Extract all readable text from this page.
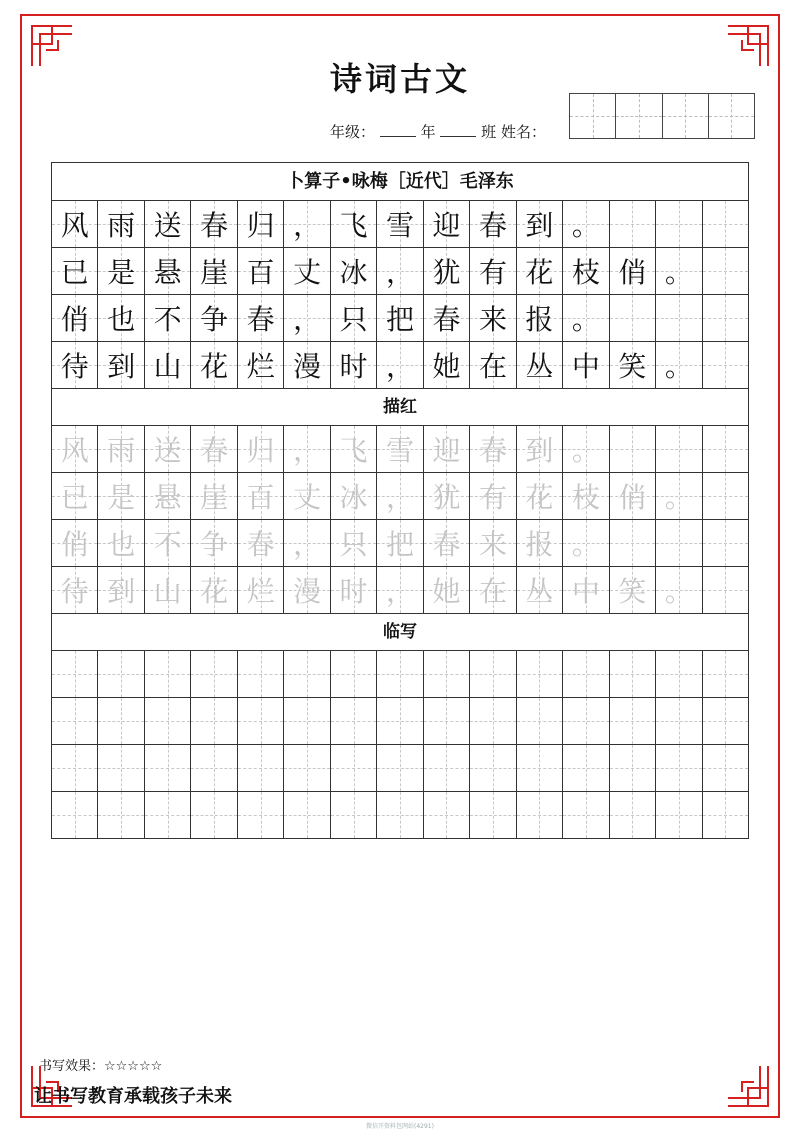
诗词古文
年级：	年	班 姓名：
卜算子•咏梅［近代］毛泽东
风 雨 送 春 归 ， 飞 雪 迎 春 到 。
已 是 悬 崖 百 丈 冰 ， 犹 有 花 枝 俏 。
俏 也 不 争 春 ， 只 把 春 来 报 。
待 到 山 花 烂 漫 时 ， 她 在 丛 中 笑 。
描红
风 雨 送 春 归 ， 飞 雪 迎 春 到 。
已 是 悬 崖 百 丈 冰 ， 犹 有 花 枝 俏 。
俏 也 不 争 春 ， 只 把 春 来 报 。
待 到 山 花 烂 漫 时 ， 她 在 丛 中 笑 。
临写
书写效果：☆☆☆☆☆
让书写教育承载孩子未来
微信开资料包网站(4291)
